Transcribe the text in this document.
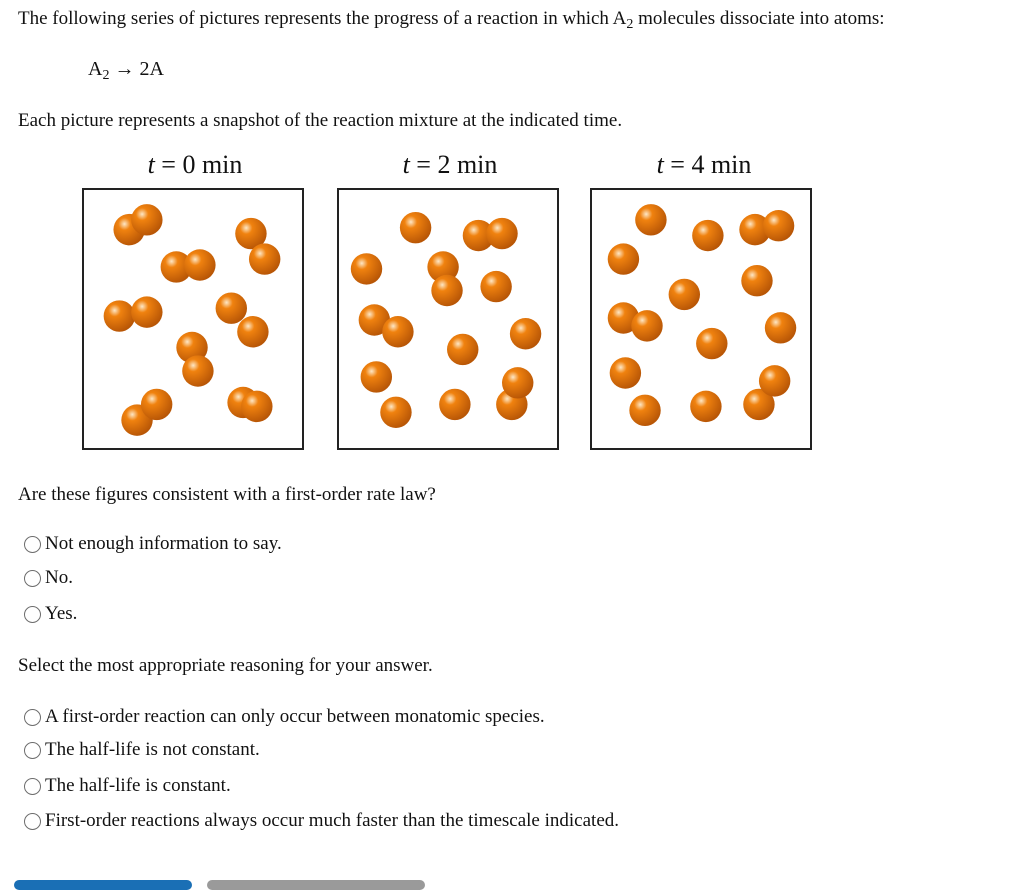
The following series of pictures represents the progress of a reaction in which $A_2$ molecules dissociate into atoms:
$A_2 \to 2A$
Each picture represents a snapshot of the reaction mixture at the indicated time.
t = 0 min	t = 2 min	t = 4 min
Are these figures consistent with a first-order rate law?
Not enough information to say.
No.
Yes.
Select the most appropriate reasoning for your answer.
A first-order reaction can only occur between monatomic species.
The half-life is not constant.
The half-life is constant.
First-order reactions always occur much faster than the timescale indicated.
